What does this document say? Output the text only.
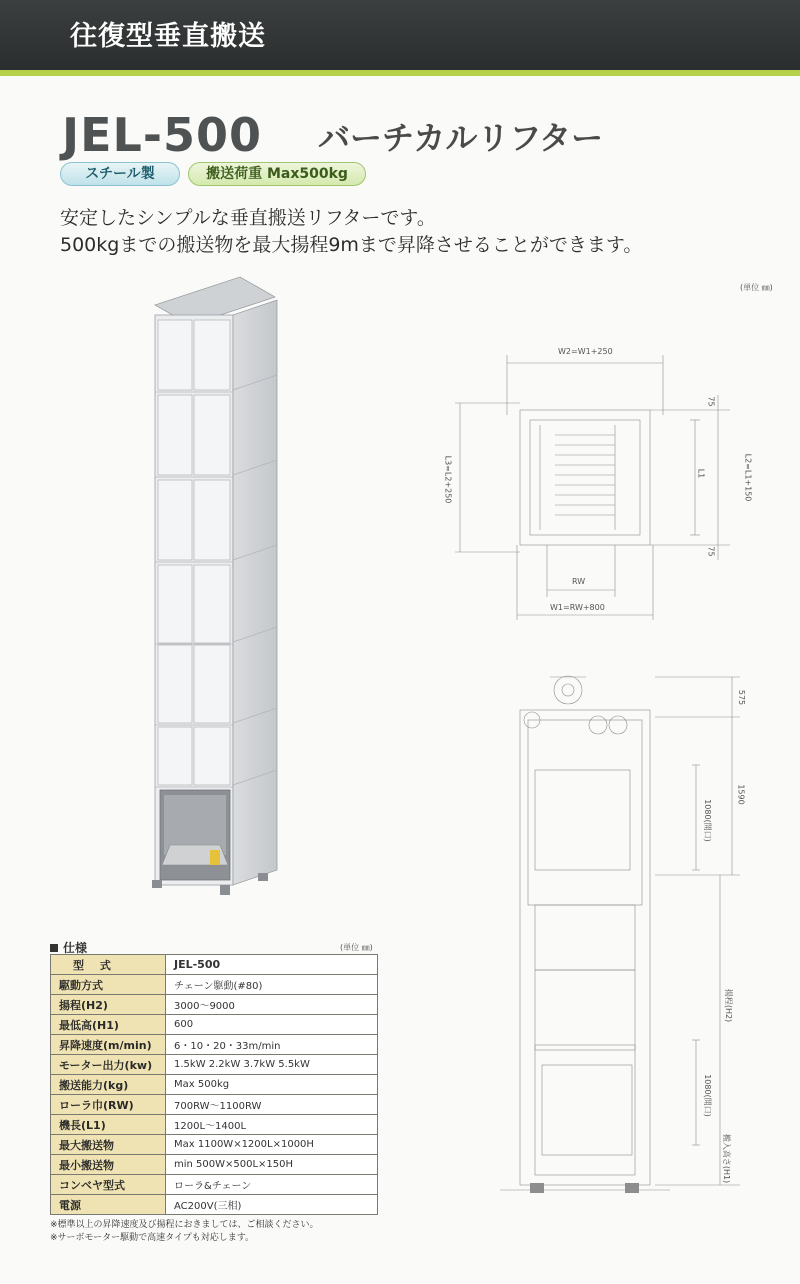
往復型垂直搬送
JEL-500 バーチカルリフター
スチール製	搬送荷重 Max500kg
安定したシンプルな垂直搬送リフターです。
500kgまでの搬送物を最大揚程9mまで昇降させることができます。
(単位 ㎜)
W2=W1+250
RW
W1=RW+800
L3=L2+250	L2=L1+150
L1
75
75
575
1590
1080(開口)
揚程(H2)
1080(開口)
搬入高さ(H1)
仕様	(単位 ㎜)
型 式	JEL-500
駆動方式	チェーン駆動(#80)
揚程(H2)	3000〜9000
最低高(H1)	600
昇降速度(m/min)	6・10・20・33m/min
モーター出力(kw)	1.5kW 2.2kW 3.7kW 5.5kW
搬送能力(kg)	Max 500kg
ローラ巾(RW)	700RW〜1100RW
機長(L1)	1200L〜1400L
最大搬送物	Max 1100W×1200L×1000H
最小搬送物	min 500W×500L×150H
コンベヤ型式	ローラ&チェーン
電源	AC200V(三相)
※標準以上の昇降速度及び揚程におきましては、ご相談ください。
※サーボモーター駆動で高速タイプも対応します。
